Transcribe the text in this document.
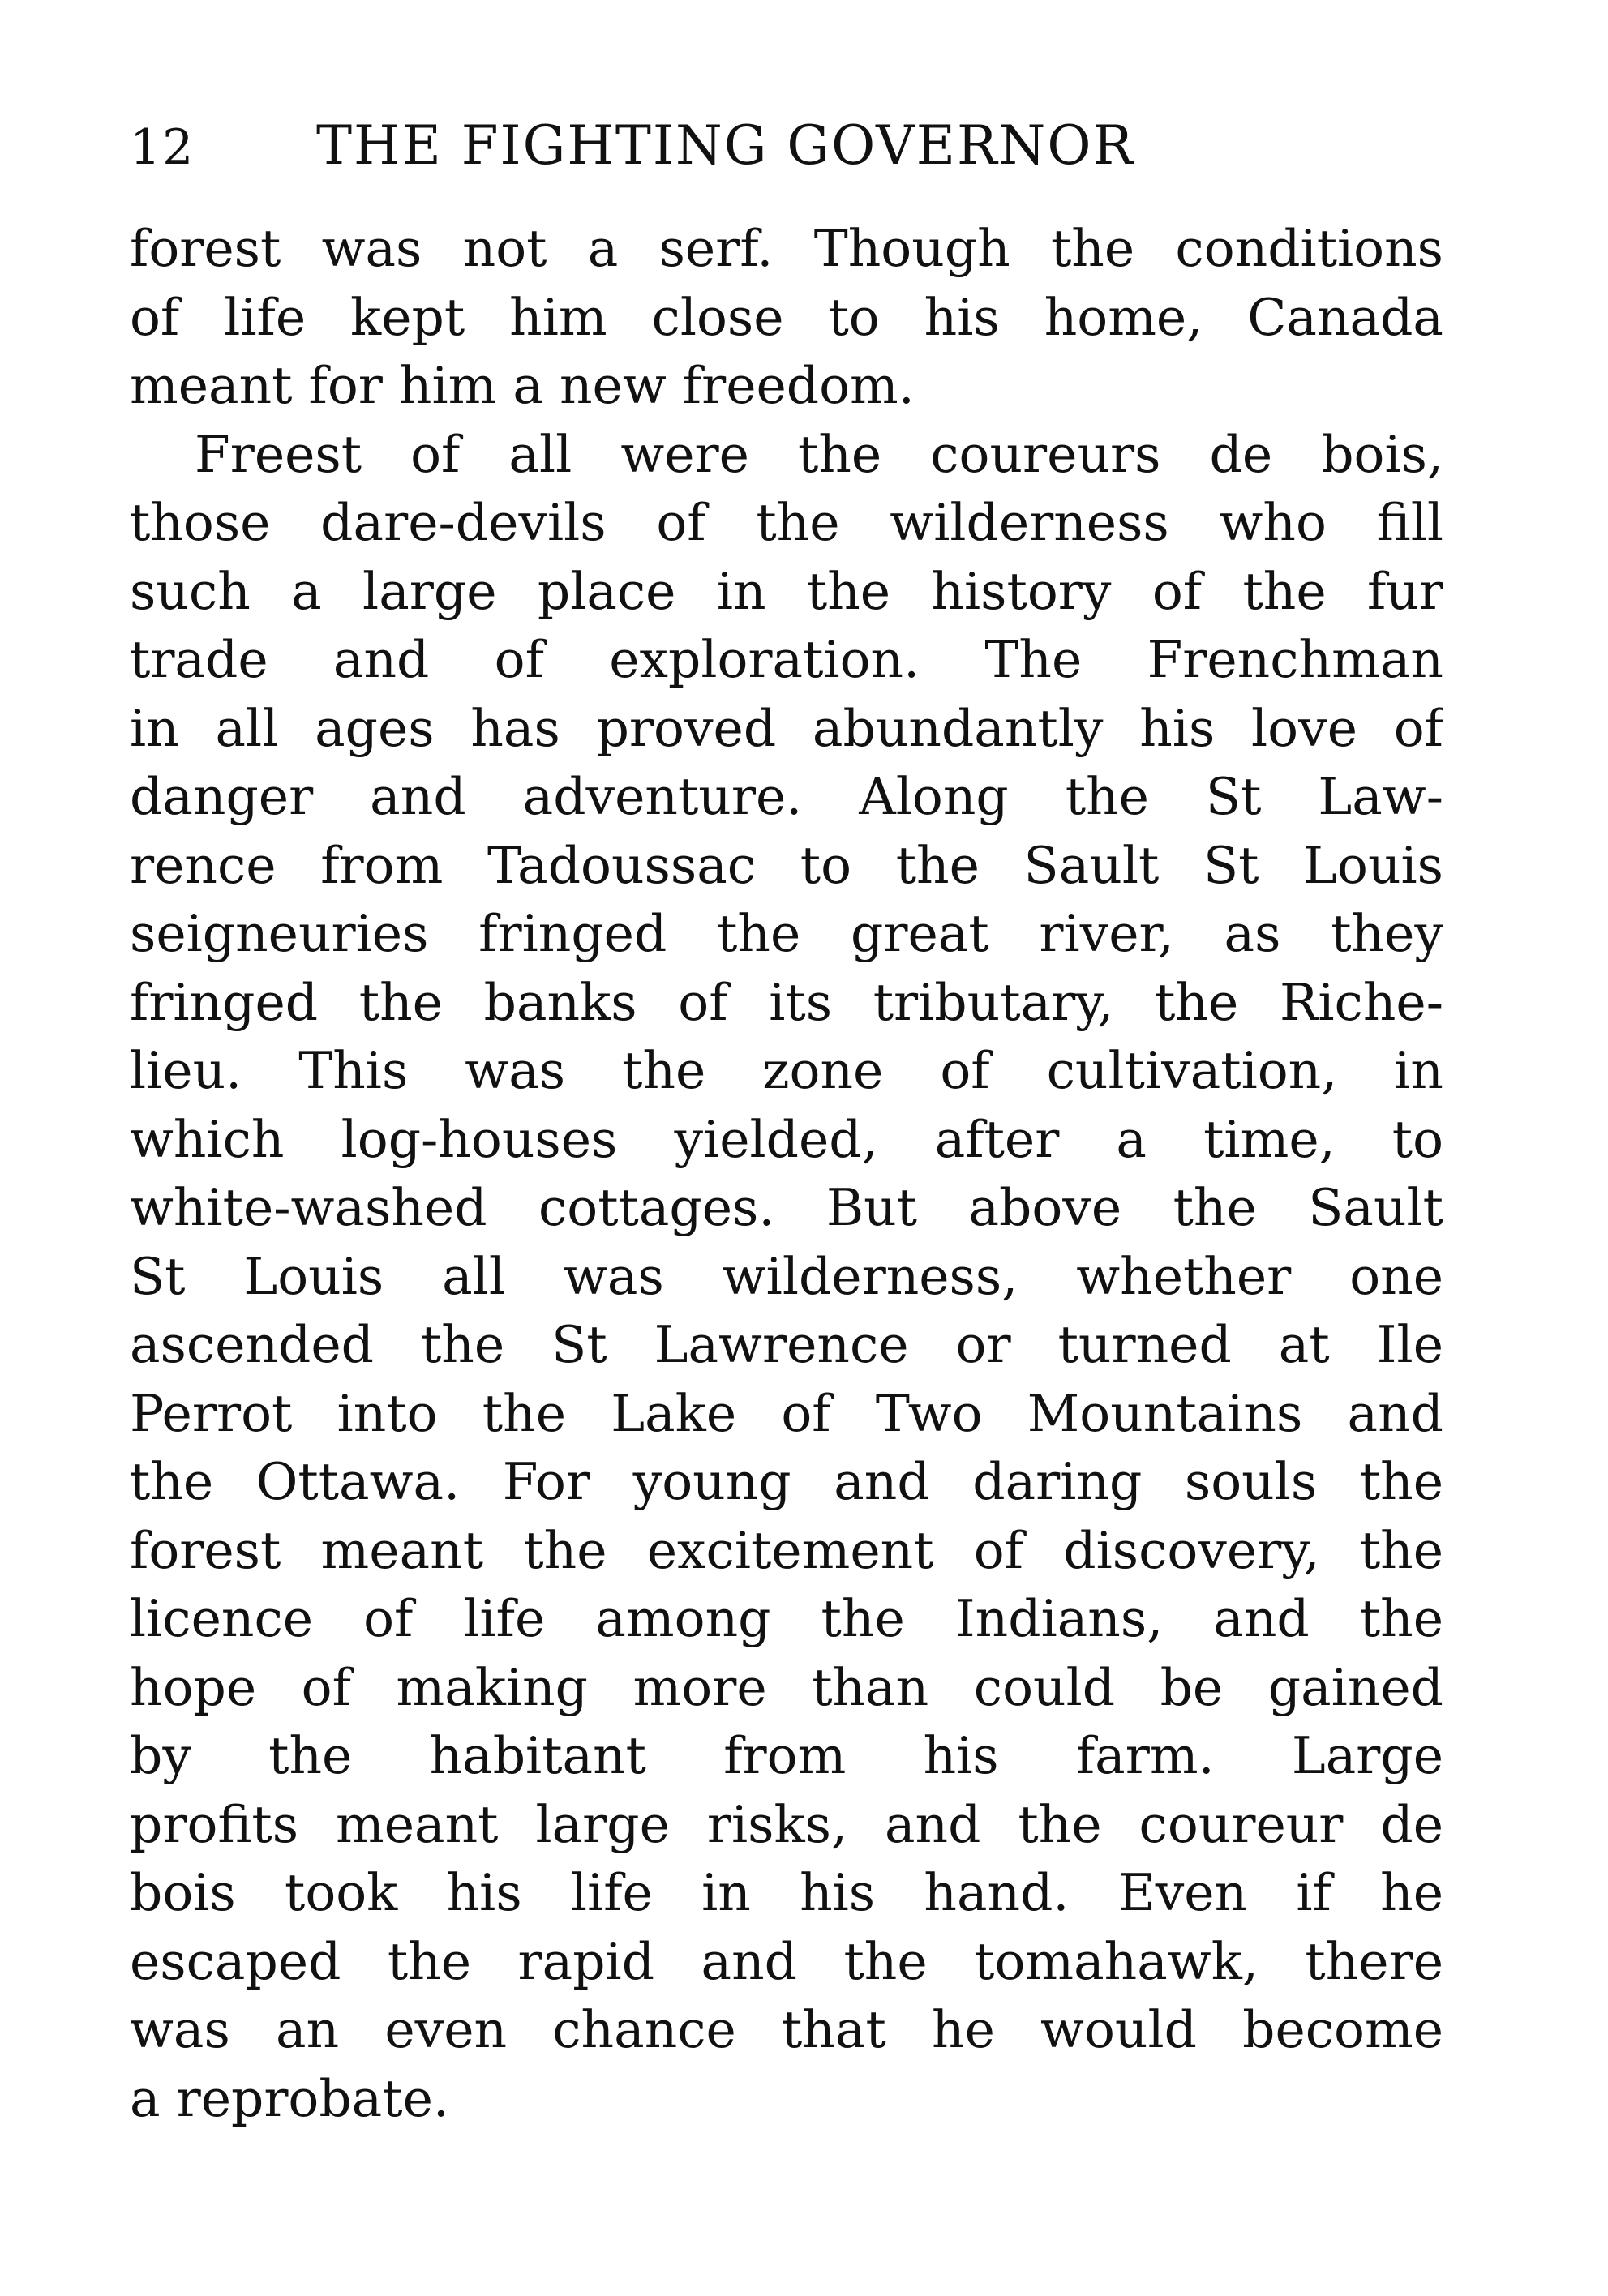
12 THE FIGHTING GOVERNOR
forest was not a serf. Though the conditions
of life kept him close to his home, Canada
meant for him a new freedom.
Freest of all were the coureurs de bois,
those dare-devils of the wilderness who fill
such a large place in the history of the fur
trade and of exploration. The Frenchman
in all ages has proved abundantly his love of
danger and adventure. Along the St Law-
rence from Tadoussac to the Sault St Louis
seigneuries fringed the great river, as they
fringed the banks of its tributary, the Riche-
lieu. This was the zone of cultivation, in
which log-houses yielded, after a time, to
white-washed cottages. But above the Sault
St Louis all was wilderness, whether one
ascended the St Lawrence or turned at Ile
Perrot into the Lake of Two Mountains and
the Ottawa. For young and daring souls the
forest meant the excitement of discovery, the
licence of life among the Indians, and the
hope of making more than could be gained
by the habitant from his farm. Large
profits meant large risks, and the coureur de
bois took his life in his hand. Even if he
escaped the rapid and the tomahawk, there
was an even chance that he would become
a reprobate.
